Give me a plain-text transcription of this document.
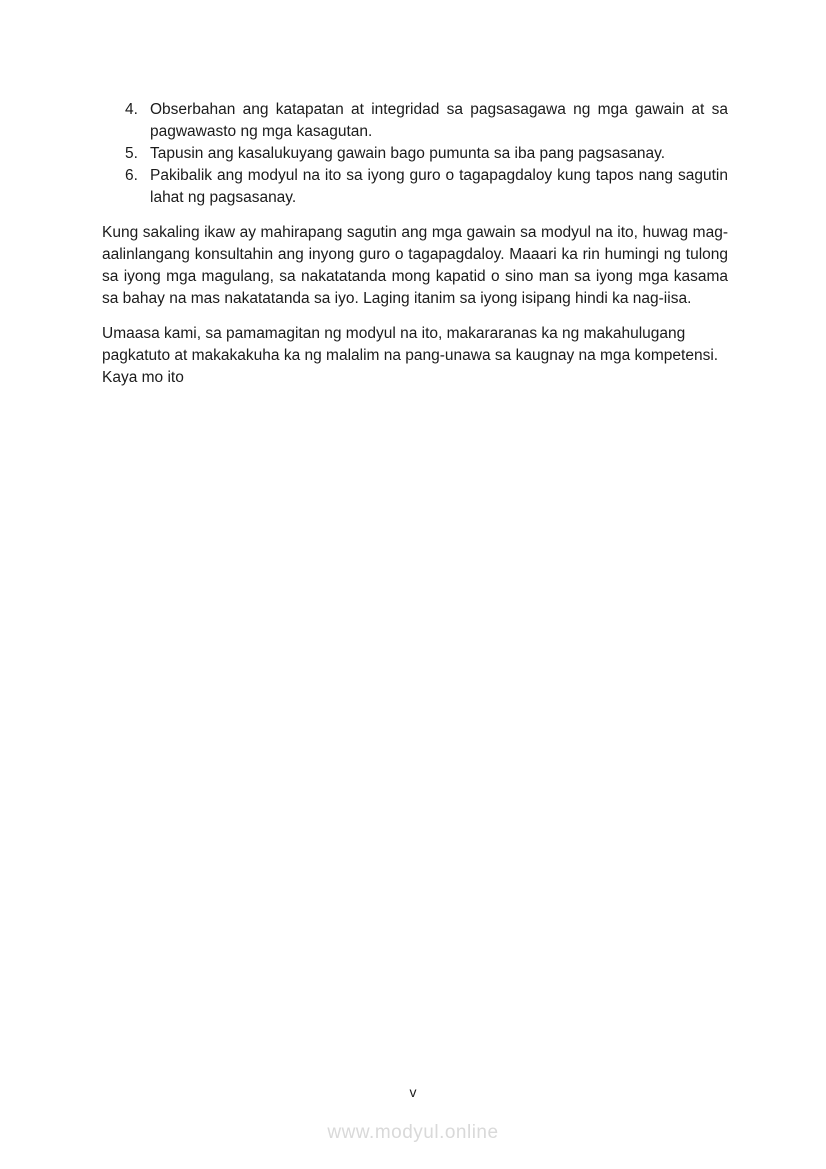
4. Obserbahan ang katapatan at integridad sa pagsasagawa ng mga gawain at sa pagwawasto ng mga kasagutan.
5. Tapusin ang kasalukuyang gawain bago pumunta sa iba pang pagsasanay.
6. Pakibalik ang modyul na ito sa iyong guro o tagapagdaloy kung tapos nang sagutin lahat ng pagsasanay.

Kung sakaling ikaw ay mahirapang sagutin ang mga gawain sa modyul na ito, huwag mag-aalinlangang konsultahin ang inyong guro o tagapagdaloy. Maaari ka rin humingi ng tulong sa iyong mga magulang, sa nakatatanda mong kapatid o sino man sa iyong mga kasama sa bahay na mas nakatatanda sa iyo. Laging itanim sa iyong isipang hindi ka nag-iisa.

Umaasa kami, sa pamamagitan ng modyul na ito, makararanas ka ng makahulugang pagkatuto at makakakuha ka ng malalim na pang-unawa sa kaugnay na mga kompetensi. Kaya mo ito

v
www.modyul.online
